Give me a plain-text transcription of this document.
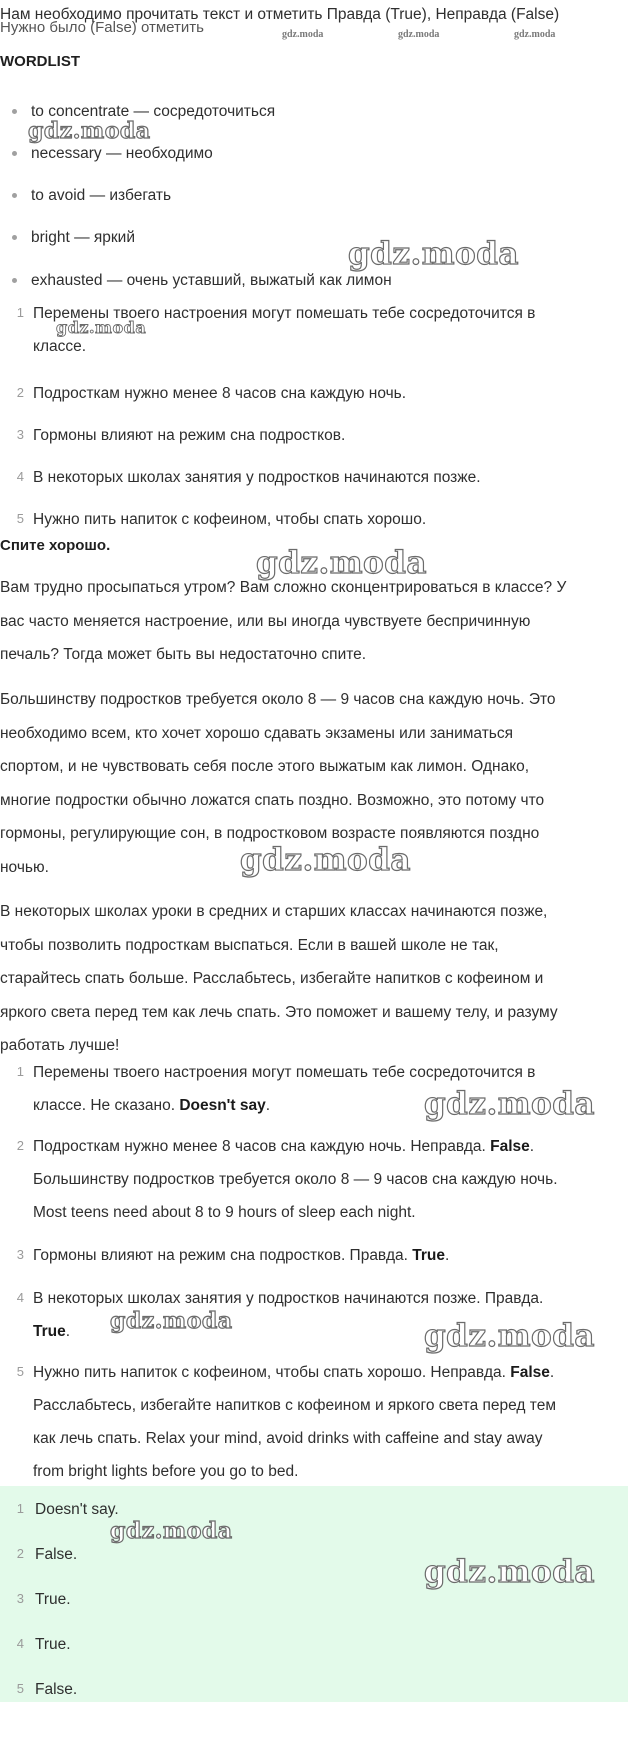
Нам необходимо прочитать текст и отметить Правда (True), Неправда (False)
Нужно было (False) отметить	gdz.moda	gdz.moda	gdz.moda
WORDLIST
to concentrate — сосредоточиться
necessary — необходимо
to avoid — избегать
bright — яркий
exhausted — очень уставший, выжатый как лимон
1 Перемены твоего настроения могут помешать тебе сосредоточится в
классе.
2 Подросткам нужно менее 8 часов сна каждую ночь.
3 Гормоны влияют на режим сна подростков.
4 В некоторых школах занятия у подростков начинаются позже.
5 Нужно пить напиток с кофеином, чтобы спать хорошо.
Спите хорошо.
Вам трудно просыпаться утром? Вам сложно сконцентрироваться в классе? У
вас часто меняется настроение, или вы иногда чувствуете беспричинную
печаль? Тогда может быть вы недостаточно спите.
Большинству подростков требуется около 8 — 9 часов сна каждую ночь. Это
необходимо всем, кто хочет хорошо сдавать экзамены или заниматься
спортом, и не чувствовать себя после этого выжатым как лимон. Однако,
многие подростки обычно ложатся спать поздно. Возможно, это потому что
гормоны, регулирующие сон, в подростковом возрасте появляются поздно
ночью.
В некоторых школах уроки в средних и старших классах начинаются позже,
чтобы позволить подросткам выспаться. Если в вашей школе не так,
старайтесь спать больше. Расслабьтесь, избегайте напитков с кофеином и
яркого света перед тем как лечь спать. Это поможет и вашему телу, и разуму
работать лучше!
1 Перемены твоего настроения могут помешать тебе сосредоточится в
классе. Не сказано. Doesn't say.
2 Подросткам нужно менее 8 часов сна каждую ночь. Неправда. False.
Большинству подростков требуется около 8 — 9 часов сна каждую ночь.
Most teens need about 8 to 9 hours of sleep each night.
3 Гормоны влияют на режим сна подростков. Правда. True.
4 В некоторых школах занятия у подростков начинаются позже. Правда.
True.
5 Нужно пить напиток с кофеином, чтобы спать хорошо. Неправда. False.
Расслабьтесь, избегайте напитков с кофеином и яркого света перед тем
как лечь спать. Relax your mind, avoid drinks with caffeine and stay away
from bright lights before you go to bed.
1 Doesn't say.
2 False.
3 True.
4 True.
5 False.
gdz.moda
gdz.moda
gdz.moda
gdz.moda
gdz.moda
gdz.moda
gdz.moda	gdz.moda
gdz.moda
gdz.moda
